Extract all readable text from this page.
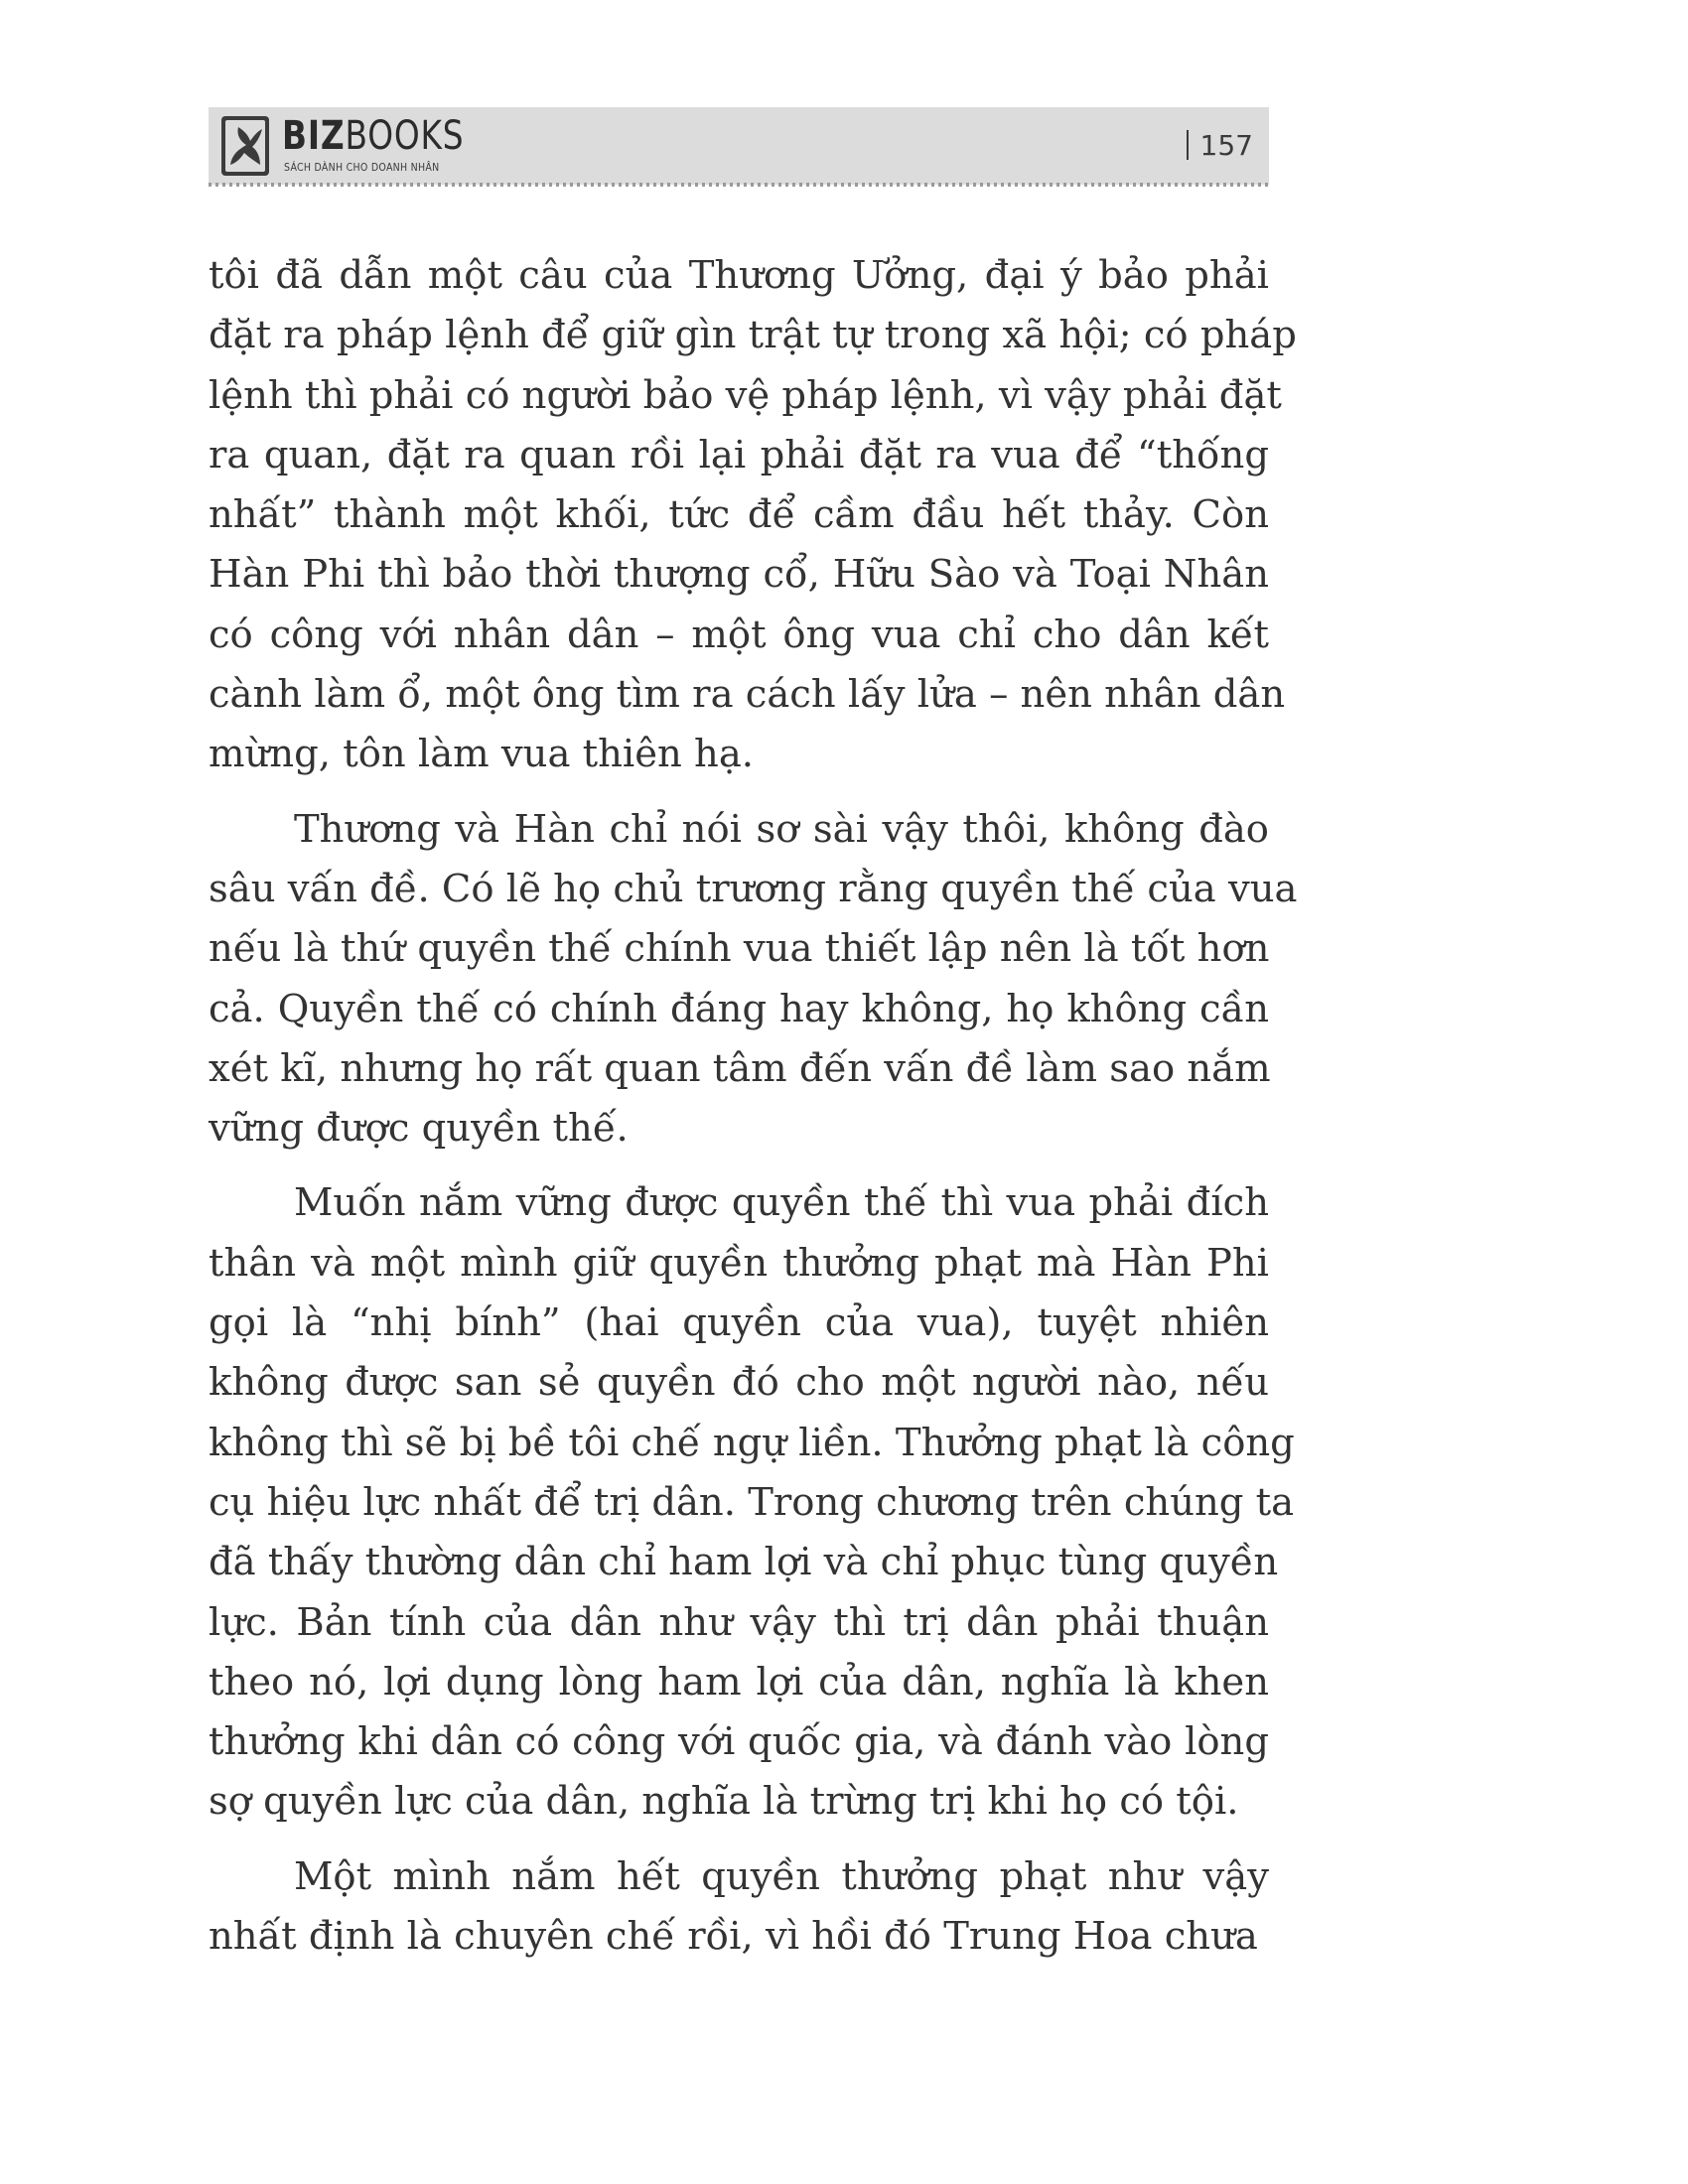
BIZBOOKS
SÁCH DÀNH CHO DOANH NHÂN
157
tôi đã dẫn một câu của Thương Ưởng, đại ý bảo phải
đặt ra pháp lệnh để giữ gìn trật tự trong xã hội; có pháp
lệnh thì phải có người bảo vệ pháp lệnh, vì vậy phải đặt
ra quan, đặt ra quan rồi lại phải đặt ra vua để “thống
nhất” thành một khối, tức để cầm đầu hết thảy. Còn
Hàn Phi thì bảo thời thượng cổ, Hữu Sào và Toại Nhân
có công với nhân dân – một ông vua chỉ cho dân kết
cành làm ổ, một ông tìm ra cách lấy lửa – nên nhân dân
mừng, tôn làm vua thiên hạ.
Thương và Hàn chỉ nói sơ sài vậy thôi, không đào
sâu vấn đề. Có lẽ họ chủ trương rằng quyền thế của vua
nếu là thứ quyền thế chính vua thiết lập nên là tốt hơn
cả. Quyền thế có chính đáng hay không, họ không cần
xét kĩ, nhưng họ rất quan tâm đến vấn đề làm sao nắm
vững được quyền thế.
Muốn nắm vững được quyền thế thì vua phải đích
thân và một mình giữ quyền thưởng phạt mà Hàn Phi
gọi là “nhị bính” (hai quyền của vua), tuyệt nhiên
không được san sẻ quyền đó cho một người nào, nếu
không thì sẽ bị bề tôi chế ngự liền. Thưởng phạt là công
cụ hiệu lực nhất để trị dân. Trong chương trên chúng ta
đã thấy thường dân chỉ ham lợi và chỉ phục tùng quyền
lực. Bản tính của dân như vậy thì trị dân phải thuận
theo nó, lợi dụng lòng ham lợi của dân, nghĩa là khen
thưởng khi dân có công với quốc gia, và đánh vào lòng
sợ quyền lực của dân, nghĩa là trừng trị khi họ có tội.
Một mình nắm hết quyền thưởng phạt như vậy
nhất định là chuyên chế rồi, vì hồi đó Trung Hoa chưa
